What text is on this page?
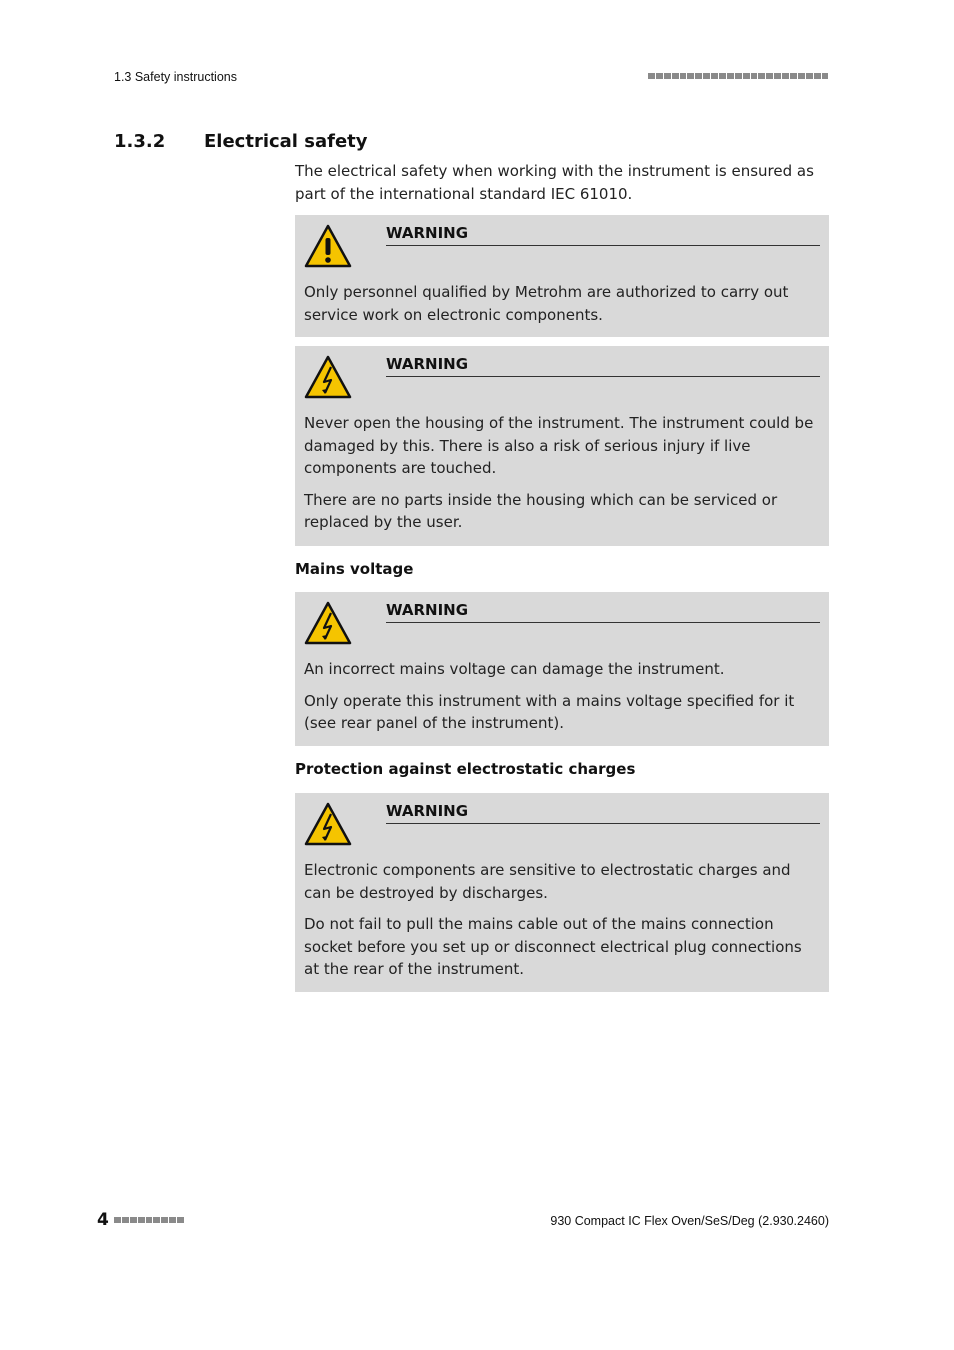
1.3 Safety instructions
1.3.2 Electrical safety
The electrical safety when working with the instrument is ensured as part of the international standard IEC 61010.
WARNING

Only personnel qualified by Metrohm are authorized to carry out service work on electronic components.

WARNING

Never open the housing of the instrument. The instrument could be damaged by this. There is also a risk of serious injury if live components are touched.

There are no parts inside the housing which can be serviced or replaced by the user.

Mains voltage
WARNING

An incorrect mains voltage can damage the instrument.

Only operate this instrument with a mains voltage specified for it (see rear panel of the instrument).

Protection against electrostatic charges
WARNING

Electronic components are sensitive to electrostatic charges and can be destroyed by discharges.

Do not fail to pull the mains cable out of the mains connection socket before you set up or disconnect electrical plug connections at the rear of the instrument.

4	930 Compact IC Flex Oven/SeS/Deg (2.930.2460)
